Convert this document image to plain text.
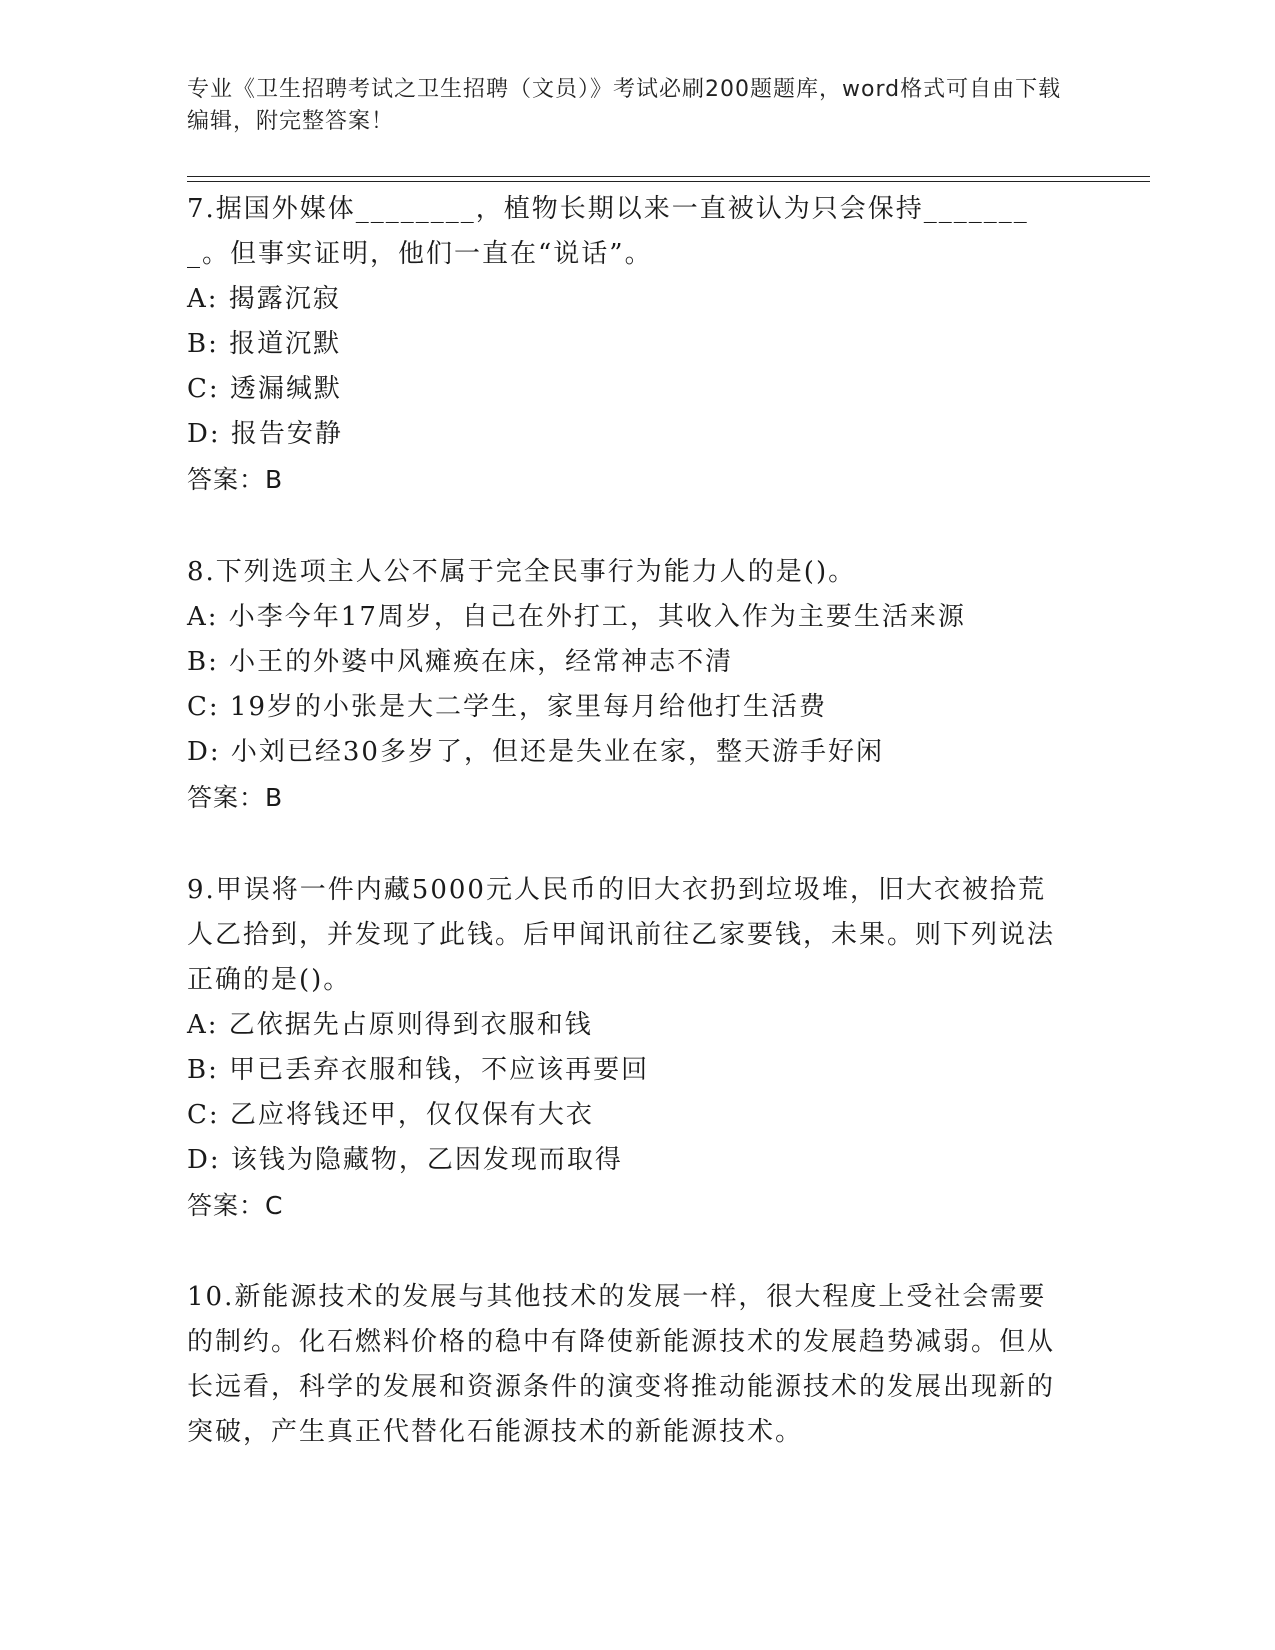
专业《卫生招聘考试之卫生招聘（文员）》考试必刷200题题库，word格式可自由下载编辑，附完整答案！
7.据国外媒体________，植物长期以来一直被认为只会保持________。但事实证明，他们一直在“说话”。
A: 揭露沉寂
B: 报道沉默
C: 透漏缄默
D: 报告安静
答案：B
8.下列选项主人公不属于完全民事行为能力人的是()。
A: 小李今年17周岁，自己在外打工，其收入作为主要生活来源
B: 小王的外婆中风瘫痪在床，经常神志不清
C: 19岁的小张是大二学生，家里每月给他打生活费
D: 小刘已经30多岁了，但还是失业在家，整天游手好闲
答案：B
9.甲误将一件内藏5000元人民币的旧大衣扔到垃圾堆，旧大衣被拾荒人乙拾到，并发现了此钱。后甲闻讯前往乙家要钱，未果。则下列说法正确的是()。
A: 乙依据先占原则得到衣服和钱
B: 甲已丢弃衣服和钱，不应该再要回
C: 乙应将钱还甲，仅仅保有大衣
D: 该钱为隐藏物，乙因发现而取得
答案：C
10.新能源技术的发展与其他技术的发展一样，很大程度上受社会需要的制约。化石燃料价格的稳中有降使新能源技术的发展趋势减弱。但从长远看，科学的发展和资源条件的演变将推动能源技术的发展出现新的突破，产生真正代替化石能源技术的新能源技术。
